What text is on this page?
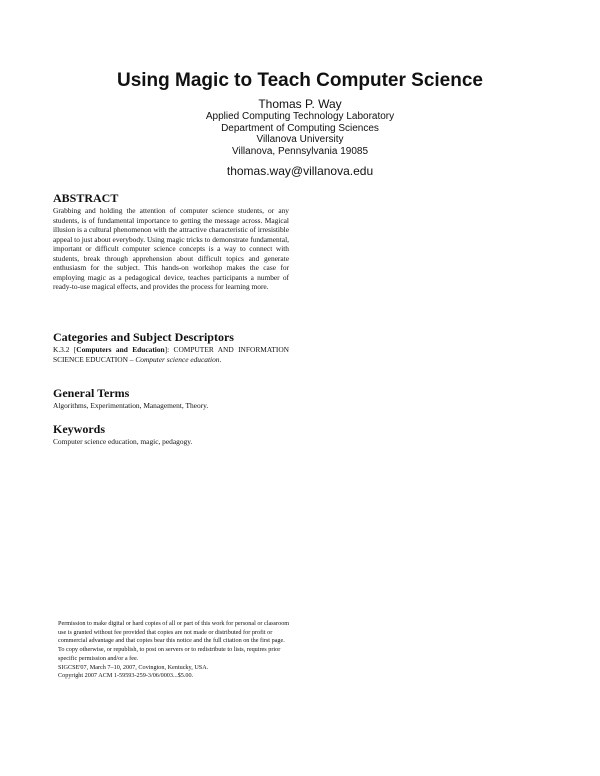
Using Magic to Teach Computer Science
Thomas P. Way
Applied Computing Technology Laboratory
Department of Computing Sciences
Villanova University
Villanova, Pennsylvania 19085
thomas.way@villanova.edu
ABSTRACT

Grabbing and holding the attention of computer science students, or any students, is of fundamental importance to getting the message across. Magical illusion is a cultural phenomenon with the attractive characteristic of irresistible appeal to just about everybody. Using magic tricks to demonstrate fundamental, important or difficult computer science concepts is a way to connect with students, break through apprehension about difficult topics and generate enthusiasm for the subject. This hands-on workshop makes the case for employing magic as a pedagogical device, teaches participants a number of ready-to-use magical effects, and provides the process for learning more.

Categories and Subject Descriptors

K.3.2 [Computers and Education]: COMPUTER AND INFORMATION SCIENCE EDUCATION – Computer science education.

General Terms

Algorithms, Experimentation, Management, Theory.

Keywords

Computer science education, magic, pedagogy.

Permission to make digital or hard copies of all or part of this work for personal or classroom use is granted without fee provided that copies are not made or distributed for profit or commercial advantage and that copies bear this notice and the full citation on the first page. To copy otherwise, or republish, to post on servers or to redistribute to lists, requires prior specific permission and/or a fee.

SIGCSE'07, March 7–10, 2007, Covington, Kentucky, USA.

Copyright 2007 ACM 1-59593-259-3/06/0003...$5.00.
